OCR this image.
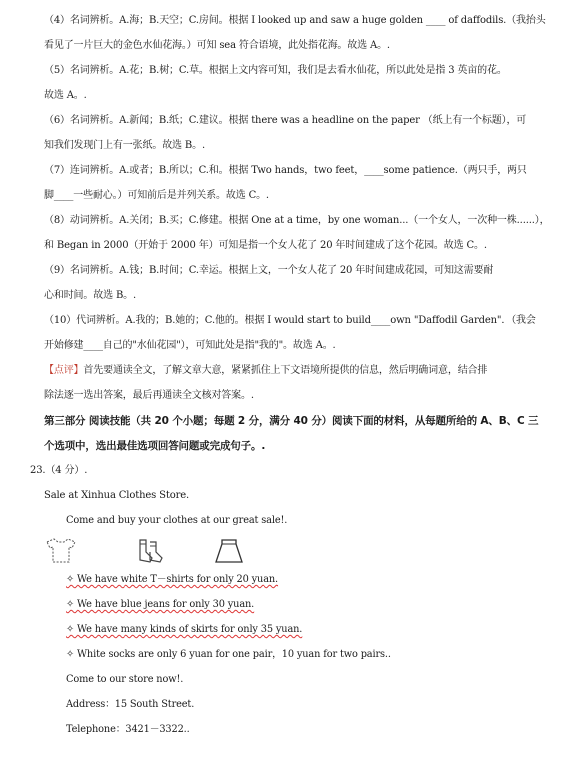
（4）名词辨析。A.海；B.天空；C.房间。根据 I looked up and saw a huge golden ____ of daffodils.（我抬头
看见了一片巨大的金色水仙花海。）可知 sea 符合语境，此处指花海。故选 A。.
（5）名词辨析。A.花；B.树；C.草。根据上文内容可知，我们是去看水仙花，所以此处是指 3 英亩的花。
故选 A。.
（6）名词辨析。A.新闻；B.纸；C.建议。根据 there was a headline on the paper （纸上有一个标题），可
知我们发现门上有一张纸。故选 B。.
（7）连词辨析。A.或者；B.所以；C.和。根据 Two hands，two feet，____some patience.（两只手，两只
脚____一些耐心。）可知前后是并列关系。故选 C。.
（8）动词辨析。A.关闭；B.买；C.修建。根据 One at a time，by one woman...（一个女人，一次种一株......），
和 Began in 2000（开始于 2000 年）可知是指一个女人花了 20 年时间建成了这个花园。故选 C。.
（9）名词辨析。A.钱；B.时间；C.幸运。根据上文，一个女人花了 20 年时间建成花园，可知这需要耐
心和时间。故选 B。.
（10）代词辨析。A.我的；B.她的；C.他的。根据 I would start to build____own "Daffodil Garden"．（我会
开始修建____自己的"水仙花园"），可知此处是指"我的"。故选 A。.
【点评】首先要通读全文，了解文章大意，紧紧抓住上下文语境所提供的信息，然后明确词意，结合排
除法逐一选出答案，最后再通读全文核对答案。.
第三部分 阅读技能（共 20 个小题；每题 2 分，满分 40 分）阅读下面的材料，从每题所给的 A、B、C 三
个选项中，选出最佳选项回答问题或完成句子。.
23.（4 分）.
Sale at Xinhua Clothes Store.
Come and buy your clothes at our great sale!.
✧ We have white T－shirts for only 20 yuan.
✧ We have blue jeans for only 30 yuan.
✧ We have many kinds of skirts for only 35 yuan.
✧ White socks are only 6 yuan for one pair，10 yuan for two pairs..
Come to our store now!.
Address：15 South Street.
Telephone：3421－3322..
